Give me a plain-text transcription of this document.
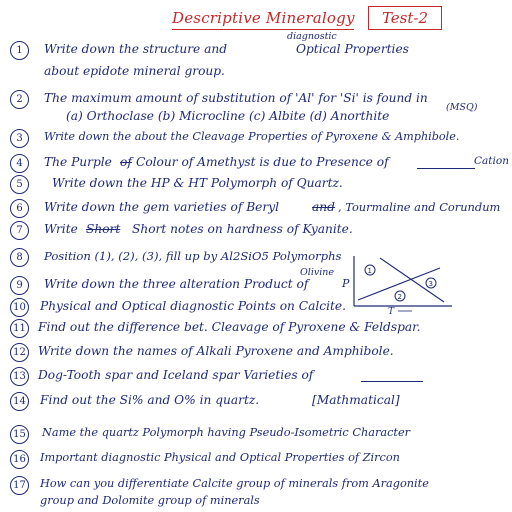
Descriptive Mineralogy	Test-2
1	Write down the structure and
diagnostic
Optical Properties
about epidote mineral group.
2	The maximum amount of substitution of 'Al' for 'Si' is found in
(MSQ)
(a) Orthoclase (b) Microcline (c) Albite (d) Anorthite
3	Write down the about the Cleavage Properties of Pyroxene & Amphibole.
4	The Purple of Colour of Amethyst is due to Presence of	Cation
5	Write down the HP & HT Polymorph of Quartz.
6	Write down the gem varieties of Beryl	and , Tourmaline and Corundum
7	Write Short Short notes on hardness of Kyanite.
8	Position (1), (2), (3), fill up by Al2SiO5 Polymorphs
9	Write down the three alteration Product of
Olivine
10 Physical and Optical diagnostic Points on Calcite.
11 Find out the difference bet. Cleavage of Pyroxene & Feldspar.
12 Write down the names of Alkali Pyroxene and Amphibole.
13 Dog-Tooth spar and Iceland spar Varieties of
14 Find out the Si% and O% in quartz.	[Mathmatical]
15 Name the quartz Polymorph having Pseudo-Isometric Character
16 Important diagnostic Physical and Optical Properties of Zircon
17 How can you differentiate Calcite group of minerals from Aragonite
group and Dolomite group of minerals
P
1
3
2
T
